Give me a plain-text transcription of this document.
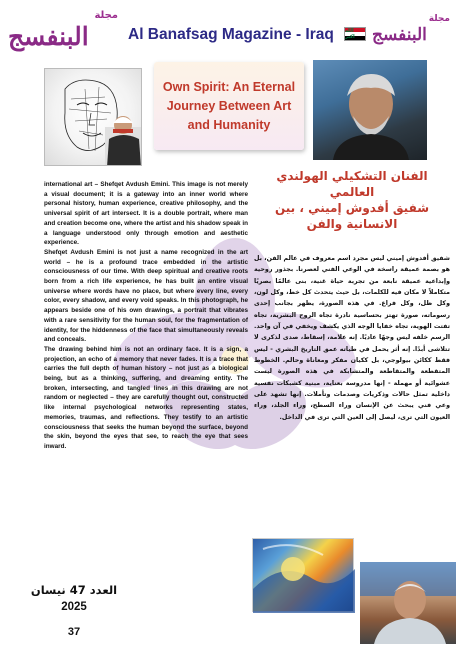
مجلة
البنفسج	Al Banafsag Magazine - Iraq
مجلة
البنفسج
Own Spirit: An Eternal Journey Between Art and Humanity
الفنان التشكيلي الهولندي
العالمي
شفيق أفدوش إميني ، بين
الانسانية والفن

international art – Shefqet Avdush Emini. This image is not merely a visual document; it is a gateway into an inner world where personal history, human experience, creative philosophy, and the universal spirit of art intersect. It is a double portrait, where man and creation become one, where the artist and his shadow speak in a language understood only through emotion and aesthetic experience.

Shefqet Avdush Emini is not just a name recognized in the art world – he is a profound trace embedded in the artistic consciousness of our time. With deep spiritual and creative roots born from a rich life experience, he has built an entire visual universe where words have no place, but where every line, every color, every shadow, and every void speaks. In this photograph, he appears beside one of his own drawings, a portrait that vibrates with a rare sensitivity for the human soul, for the fragmentation of identity, for the hiddenness of the face that simultaneously reveals and conceals.

The drawing behind him is not an ordinary face. It is a sign, a projection, an echo of a memory that never fades. It is a trace that carries the full depth of human history – not just as a biological being, but as a thinking, suffering, and dreaming entity. The broken, intersecting, and tangled lines in this drawing are not random or neglected – they are carefully thought out, constructed like internal psychological networks representing states, memories, traumas, and reflections. They testify to an artistic consciousness that seeks the human beyond the surface, beyond the skin, beyond the eyes that see, to reach the eye that sees inward.

شفيق أفدوش إميني ليس مجرد اسم معروف في عالم الفن، بل هو بصمة عميقة راسخة في الوعي الفني لعصرنا. بجذور روحية وإبداعية عميقة نابعة من تجربة حياة غنية، بنى عالمًا بصريًا متكاملاً لا مكان فيه للكلمات، بل حيث يتحدث كل خط، وكل لون، وكل ظل، وكل فراغ. في هذه الصورة، يظهر بجانب إحدى رسوماته، صورة تهتز بحساسية نادرة تجاه الروح البشرية، تجاه تفتت الهوية، تجاه خفايا الوجه الذي يكشف ويخفي في آن واحد. الرسم خلفه ليس وجهًا عاديًا. إنه علامة، إسقاط، صدى لذكرى لا تتلاشى أبدًا. إنه أثر يحمل في طياته عمق التاريخ البشري - ليس فقط ككائن بيولوجي، بل ككيان مفكر ومعاناة وحالم. الخطوط المتقطعة والمتقاطعة والمتشابكة في هذه الصورة ليست عشوائية أو مهملة - إنها مدروسة بعناية، مبنية كشبكات نفسية داخلية تمثل حالات وذكريات وصدمات وتأملات. إنها تشهد على وعي فني يبحث عن الإنسان وراء السطح، وراء الجلد، وراء العيون التي ترى، ليصل إلى العين التي ترى في الداخل.

العدد 47 نيسان
2025
37
